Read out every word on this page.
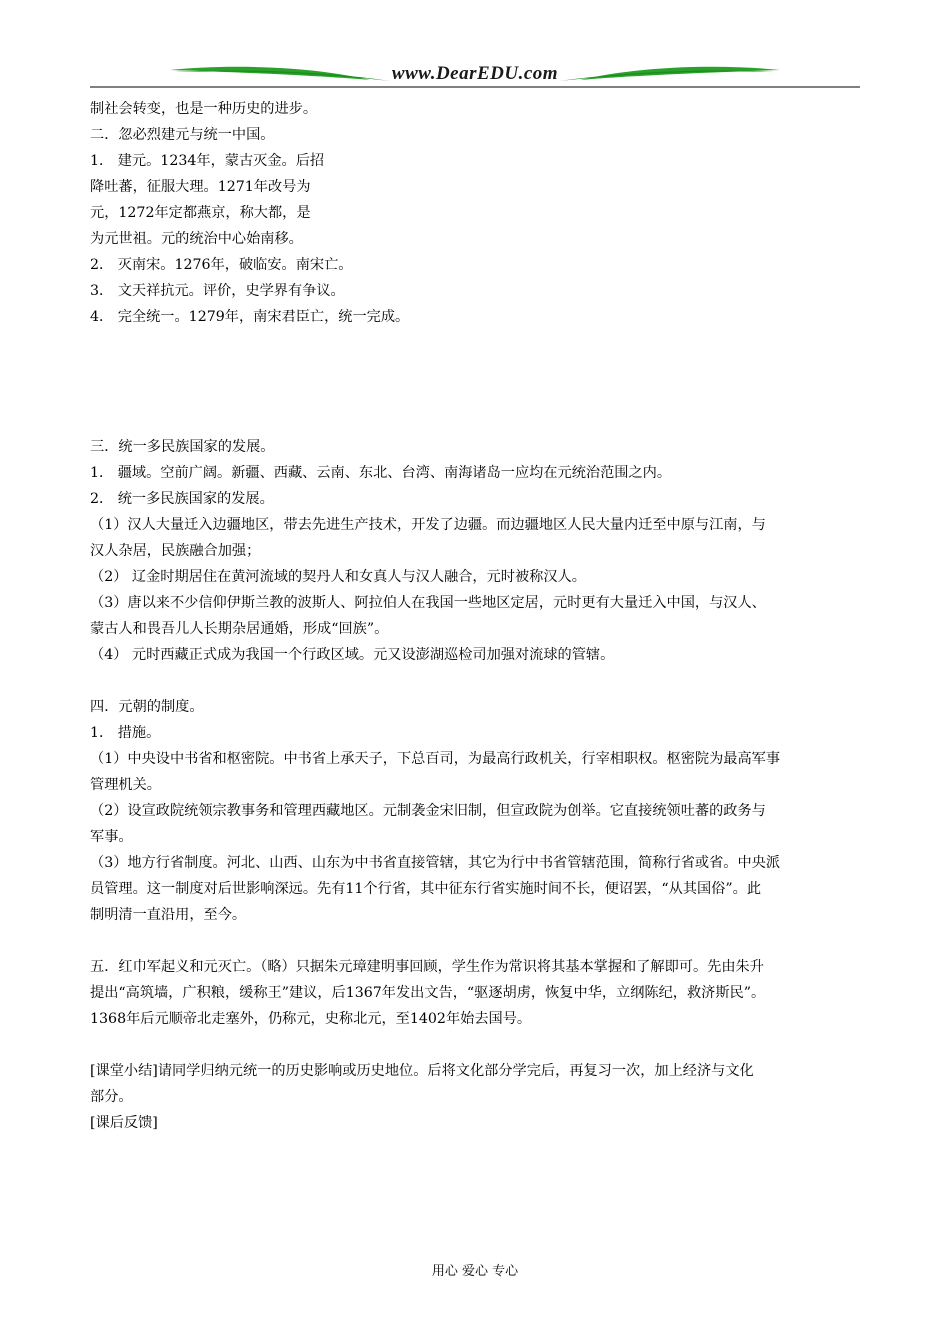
www.DearEDU.com
制社会转变，也是一种历史的进步。
二．忽必烈建元与统一中国。
1． 建元。1234年，蒙古灭金。后招
降吐蕃，征服大理。1271年改号为
元，1272年定都燕京，称大都，是
为元世祖。元的统治中心始南移。
2． 灭南宋。1276年，破临安。南宋亡。
3． 文天祥抗元。评价，史学界有争议。
4． 完全统一。1279年，南宋君臣亡，统一完成。
三．统一多民族国家的发展。
1． 疆域。空前广阔。新疆、西藏、云南、东北、台湾、南海诸岛一应均在元统治范围之内。
2． 统一多民族国家的发展。
（1）汉人大量迁入边疆地区，带去先进生产技术，开发了边疆。而边疆地区人民大量内迁至中原与江南，与
汉人杂居，民族融合加强；
（2） 辽金时期居住在黄河流域的契丹人和女真人与汉人融合，元时被称汉人。
（3）唐以来不少信仰伊斯兰教的波斯人、阿拉伯人在我国一些地区定居，元时更有大量迁入中国，与汉人、
蒙古人和畏吾儿人长期杂居通婚，形成“回族”。
（4） 元时西藏正式成为我国一个行政区域。元又设澎湖巡检司加强对流球的管辖。
四．元朝的制度。
1． 措施。
（1）中央设中书省和枢密院。中书省上承天子，下总百司，为最高行政机关，行宰相职权。枢密院为最高军事
管理机关。
（2）设宣政院统领宗教事务和管理西藏地区。元制袭金宋旧制，但宣政院为创举。它直接统领吐蕃的政务与
军事。
（3）地方行省制度。河北、山西、山东为中书省直接管辖，其它为行中书省管辖范围，简称行省或省。中央派
员管理。这一制度对后世影响深远。先有11个行省，其中征东行省实施时间不长，便诏罢，“从其国俗”。此
制明清一直沿用，至今。
五．红巾军起义和元灭亡。（略）只据朱元璋建明事回顾，学生作为常识将其基本掌握和了解即可。先由朱升
提出“高筑墙，广积粮，缓称王”建议，后1367年发出文告，“驱逐胡虏，恢复中华，立纲陈纪，救济斯民”。
1368年后元顺帝北走塞外，仍称元，史称北元，至1402年始去国号。
[课堂小结]请同学归纳元统一的历史影响或历史地位。后将文化部分学完后，再复习一次，加上经济与文化
部分。
[课后反馈]
用心 爱心 专心
